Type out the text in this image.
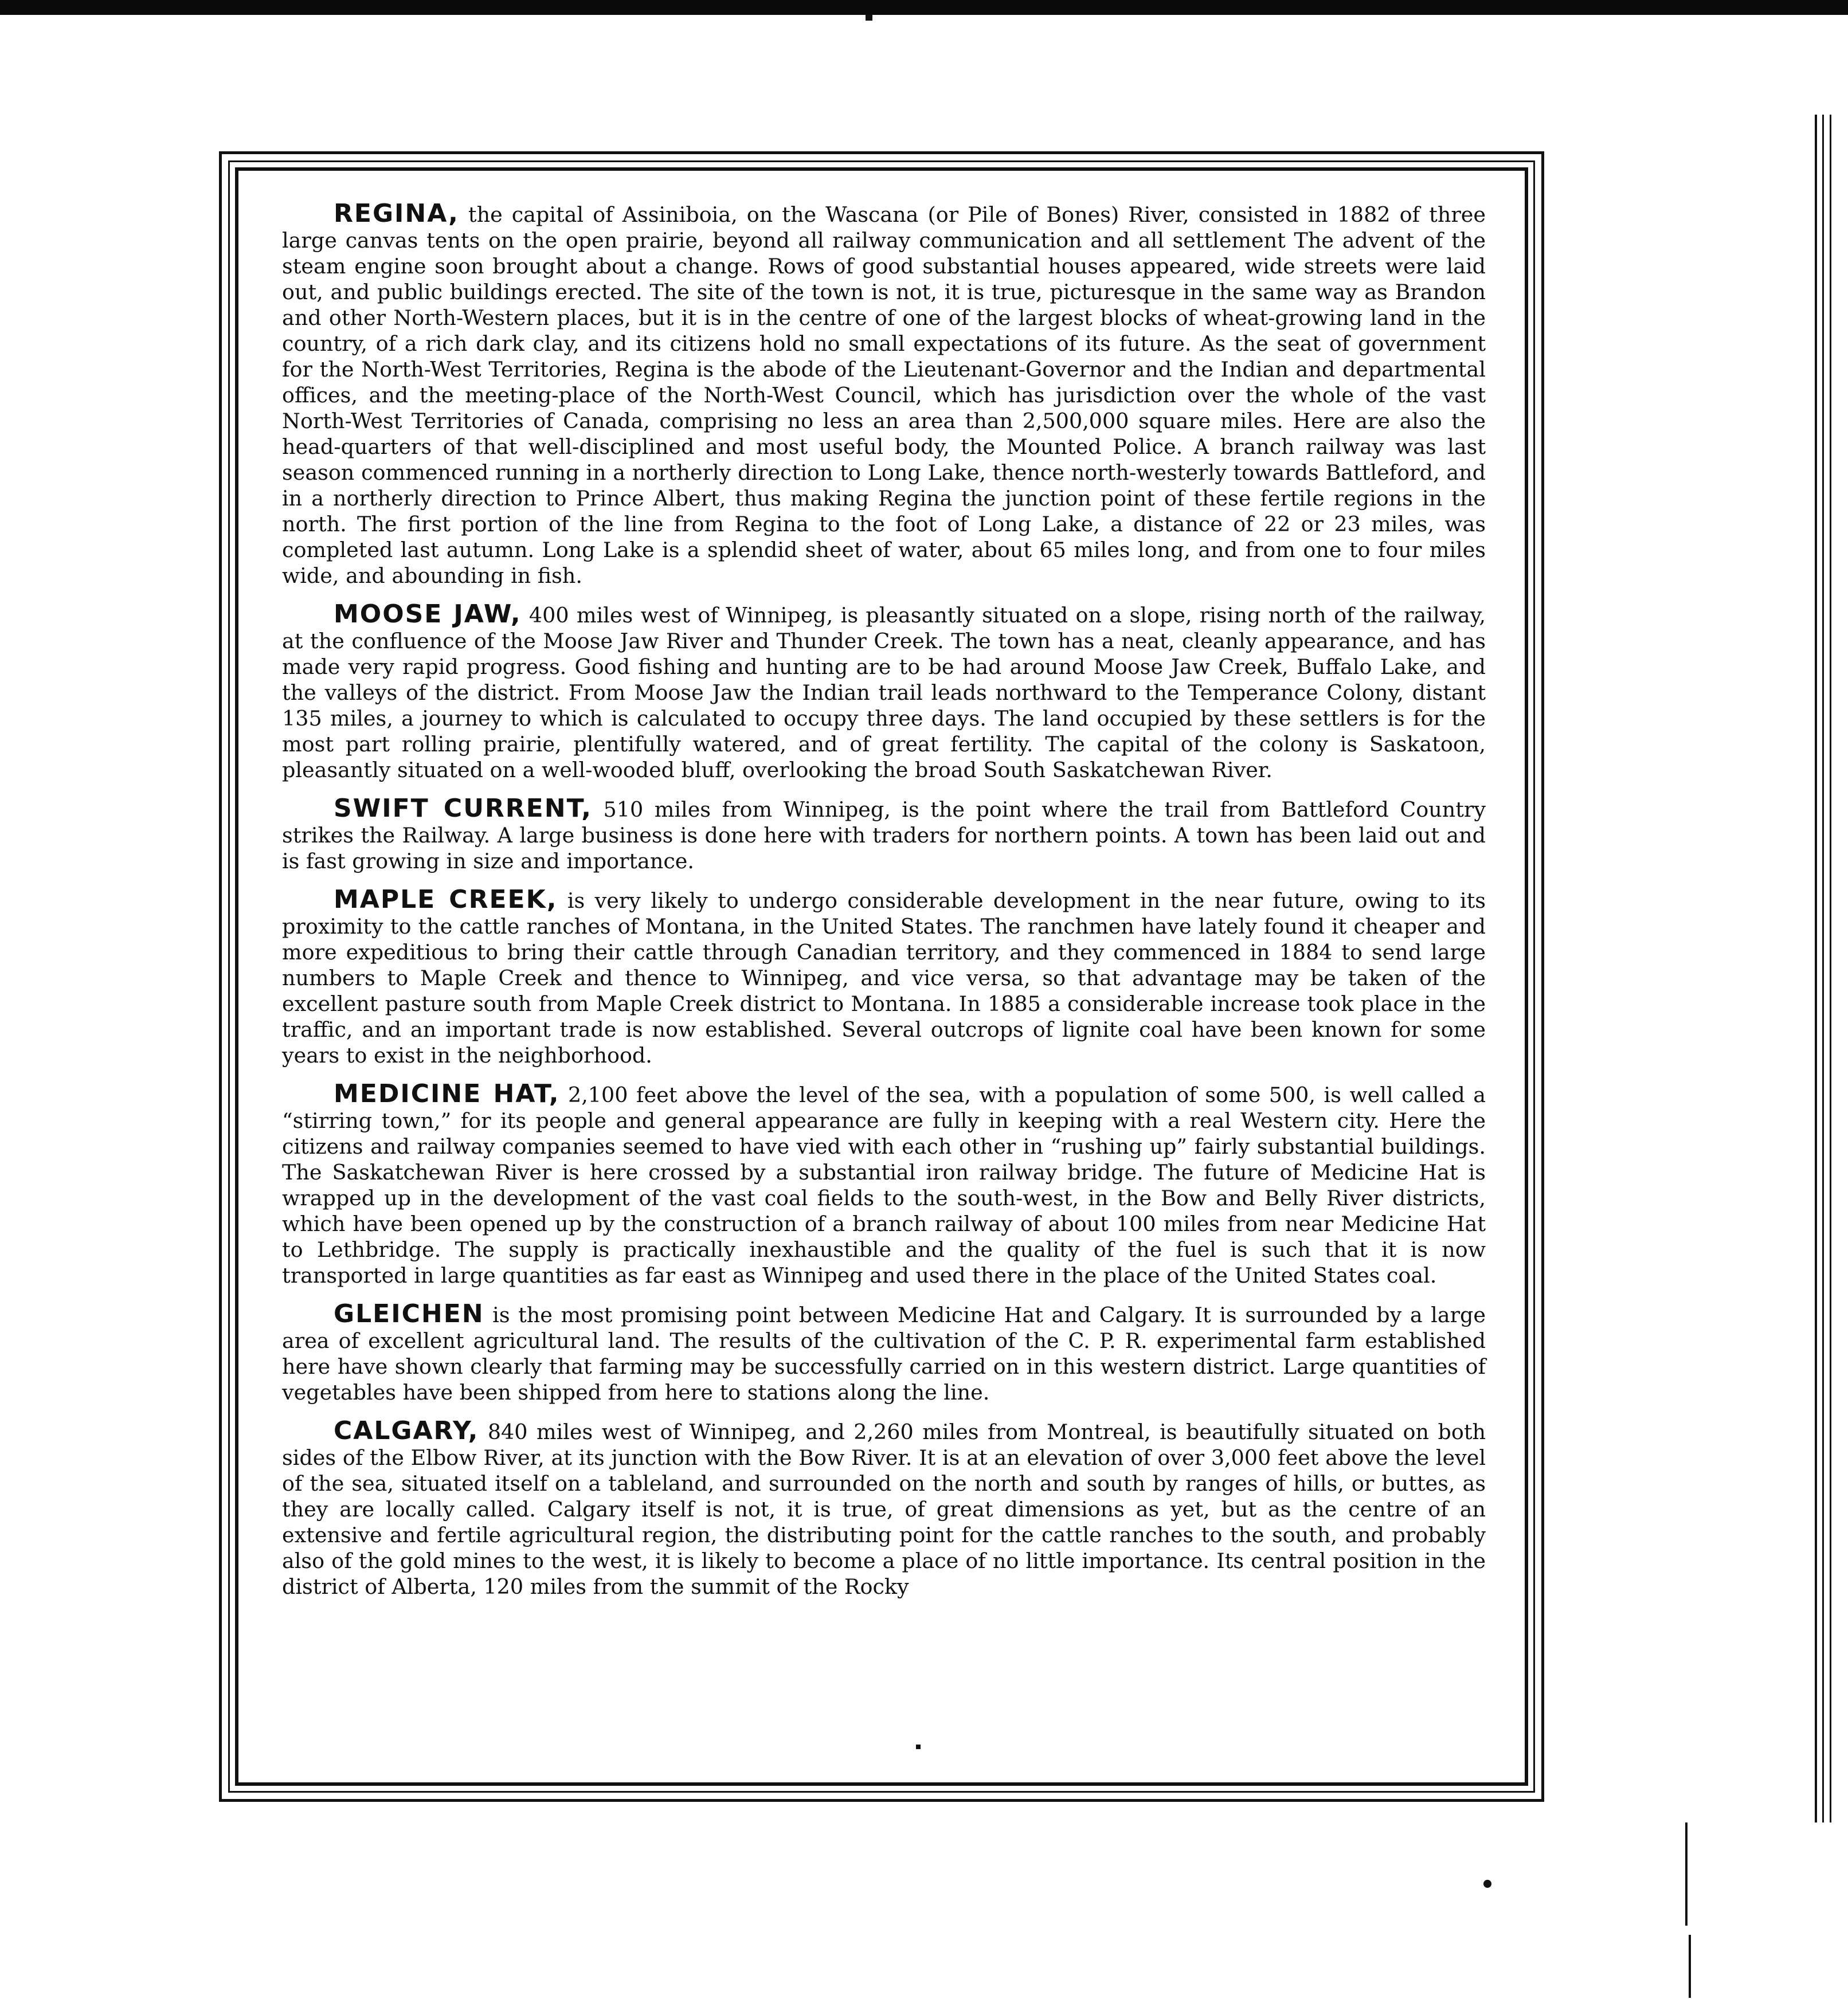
REGINA, the capital of Assiniboia, on the Wascana (or Pile of Bones) River, consisted in 1882 of three large canvas tents on the open prairie, beyond all railway communication and all settlement The advent of the steam engine soon brought about a change. Rows of good substantial houses appeared, wide streets were laid out, and public buildings erected. The site of the town is not, it is true, picturesque in the same way as Brandon and other North-Western places, but it is in the centre of one of the largest blocks of wheat-growing land in the country, of a rich dark clay, and its citizens hold no small expectations of its future. As the seat of government for the North-West Territories, Regina is the abode of the Lieutenant-Governor and the Indian and departmental offices, and the meeting-place of the North-West Council, which has jurisdiction over the whole of the vast North-West Territories of Canada, comprising no less an area than 2,500,000 square miles. Here are also the head-quarters of that well-disciplined and most useful body, the Mounted Police. A branch railway was last season commenced running in a northerly direction to Long Lake, thence north-westerly towards Battleford, and in a northerly direction to Prince Albert, thus making Regina the junction point of these fertile regions in the north. The first portion of the line from Regina to the foot of Long Lake, a distance of 22 or 23 miles, was completed last autumn. Long Lake is a splendid sheet of water, about 65 miles long, and from one to four miles wide, and abounding in fish.

MOOSE JAW, 400 miles west of Winnipeg, is pleasantly situated on a slope, rising north of the railway, at the confluence of the Moose Jaw River and Thunder Creek. The town has a neat, cleanly appearance, and has made very rapid progress. Good fishing and hunting are to be had around Moose Jaw Creek, Buffalo Lake, and the valleys of the district. From Moose Jaw the Indian trail leads northward to the Temperance Colony, distant 135 miles, a journey to which is calculated to occupy three days. The land occupied by these settlers is for the most part rolling prairie, plentifully watered, and of great fertility. The capital of the colony is Saskatoon, pleasantly situated on a well-wooded bluff, overlooking the broad South Saskatchewan River.

SWIFT CURRENT, 510 miles from Winnipeg, is the point where the trail from Battleford Country strikes the Railway. A large business is done here with traders for northern points. A town has been laid out and is fast growing in size and importance.

MAPLE CREEK, is very likely to undergo considerable development in the near future, owing to its proximity to the cattle ranches of Montana, in the United States. The ranchmen have lately found it cheaper and more expeditious to bring their cattle through Canadian territory, and they commenced in 1884 to send large numbers to Maple Creek and thence to Winnipeg, and vice versa, so that advantage may be taken of the excellent pasture south from Maple Creek district to Montana. In 1885 a considerable increase took place in the traffic, and an important trade is now established. Several outcrops of lignite coal have been known for some years to exist in the neighborhood.

MEDICINE HAT, 2,100 feet above the level of the sea, with a population of some 500, is well called a “stirring town,” for its people and general appearance are fully in keeping with a real Western city. Here the citizens and railway companies seemed to have vied with each other in “rushing up” fairly substantial buildings. The Saskatchewan River is here crossed by a substantial iron railway bridge. The future of Medicine Hat is wrapped up in the development of the vast coal fields to the south-west, in the Bow and Belly River districts, which have been opened up by the construction of a branch railway of about 100 miles from near Medicine Hat to Lethbridge. The supply is practically inexhaustible and the quality of the fuel is such that it is now transported in large quantities as far east as Winnipeg and used there in the place of the United States coal.

GLEICHEN is the most promising point between Medicine Hat and Calgary. It is surrounded by a large area of excellent agricultural land. The results of the cultivation of the C. P. R. experimental farm established here have shown clearly that farming may be successfully carried on in this western district. Large quantities of vegetables have been shipped from here to stations along the line.

CALGARY, 840 miles west of Winnipeg, and 2,260 miles from Montreal, is beautifully situated on both sides of the Elbow River, at its junction with the Bow River. It is at an elevation of over 3,000 feet above the level of the sea, situated itself on a tableland, and surrounded on the north and south by ranges of hills, or buttes, as they are locally called. Calgary itself is not, it is true, of great dimensions as yet, but as the centre of an extensive and fertile agricultural region, the distributing point for the cattle ranches to the south, and probably also of the gold mines to the west, it is likely to become a place of no little importance. Its central position in the district of Alberta, 120 miles from the summit of the Rocky
